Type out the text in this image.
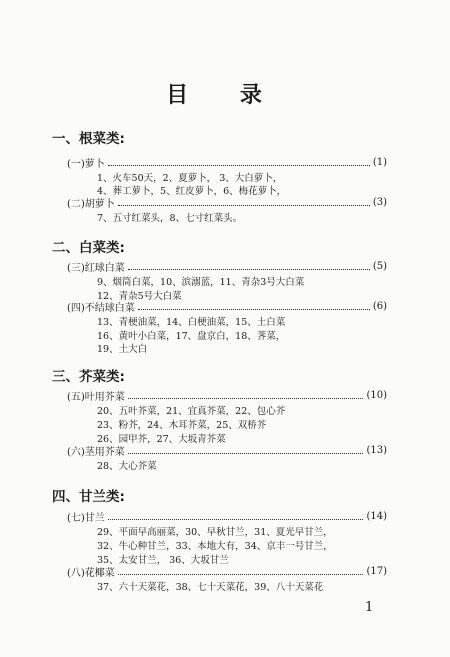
目 录
一、根菜类:
(一)萝卜	(1)
1、火车50天，2、夏萝卜， 3、大白萝卜，
4、葬工萝卜，5、红皮萝卜，6、梅花萝卜，
(二)胡萝卜	(3)
7、五寸红菜头，8、七寸红菜头。
二、白菜类:
(三)红球白菜	(5)
9、烟筒白菜，10、滨溺蓝，11、青杂3号大白菜
12、青杂5号大白菜
(四)不结球白菜	(6)
13、青梗油菜，14、白梗油菜，15、土白菜
16、黄叶小白菜，17、盘京白，18、荠菜，
19、土大白
三、芥菜类:
(五)叶用芥菜	(10)
20、五叶芥菜，21、宜真芥菜，22、包心芥
23、粉芥，24、木耳芥菜，25、双桥芥
26、园甲芥，27、大坂青芥菜
(六)茎用芥菜	(13)
28、大心芥菜
四、甘兰类:
(七)甘兰	(14)
29、平面早高丽菜，30、早秋甘兰，31、夏光早甘兰，
32、牛心种甘兰，33、本地大有，34、京丰一号甘兰，
35、太安甘兰， 36、大坂甘兰
(八)花椰菜	(17)
37、六十天菜花，38、七十天菜花，39、八十天菜花
1
